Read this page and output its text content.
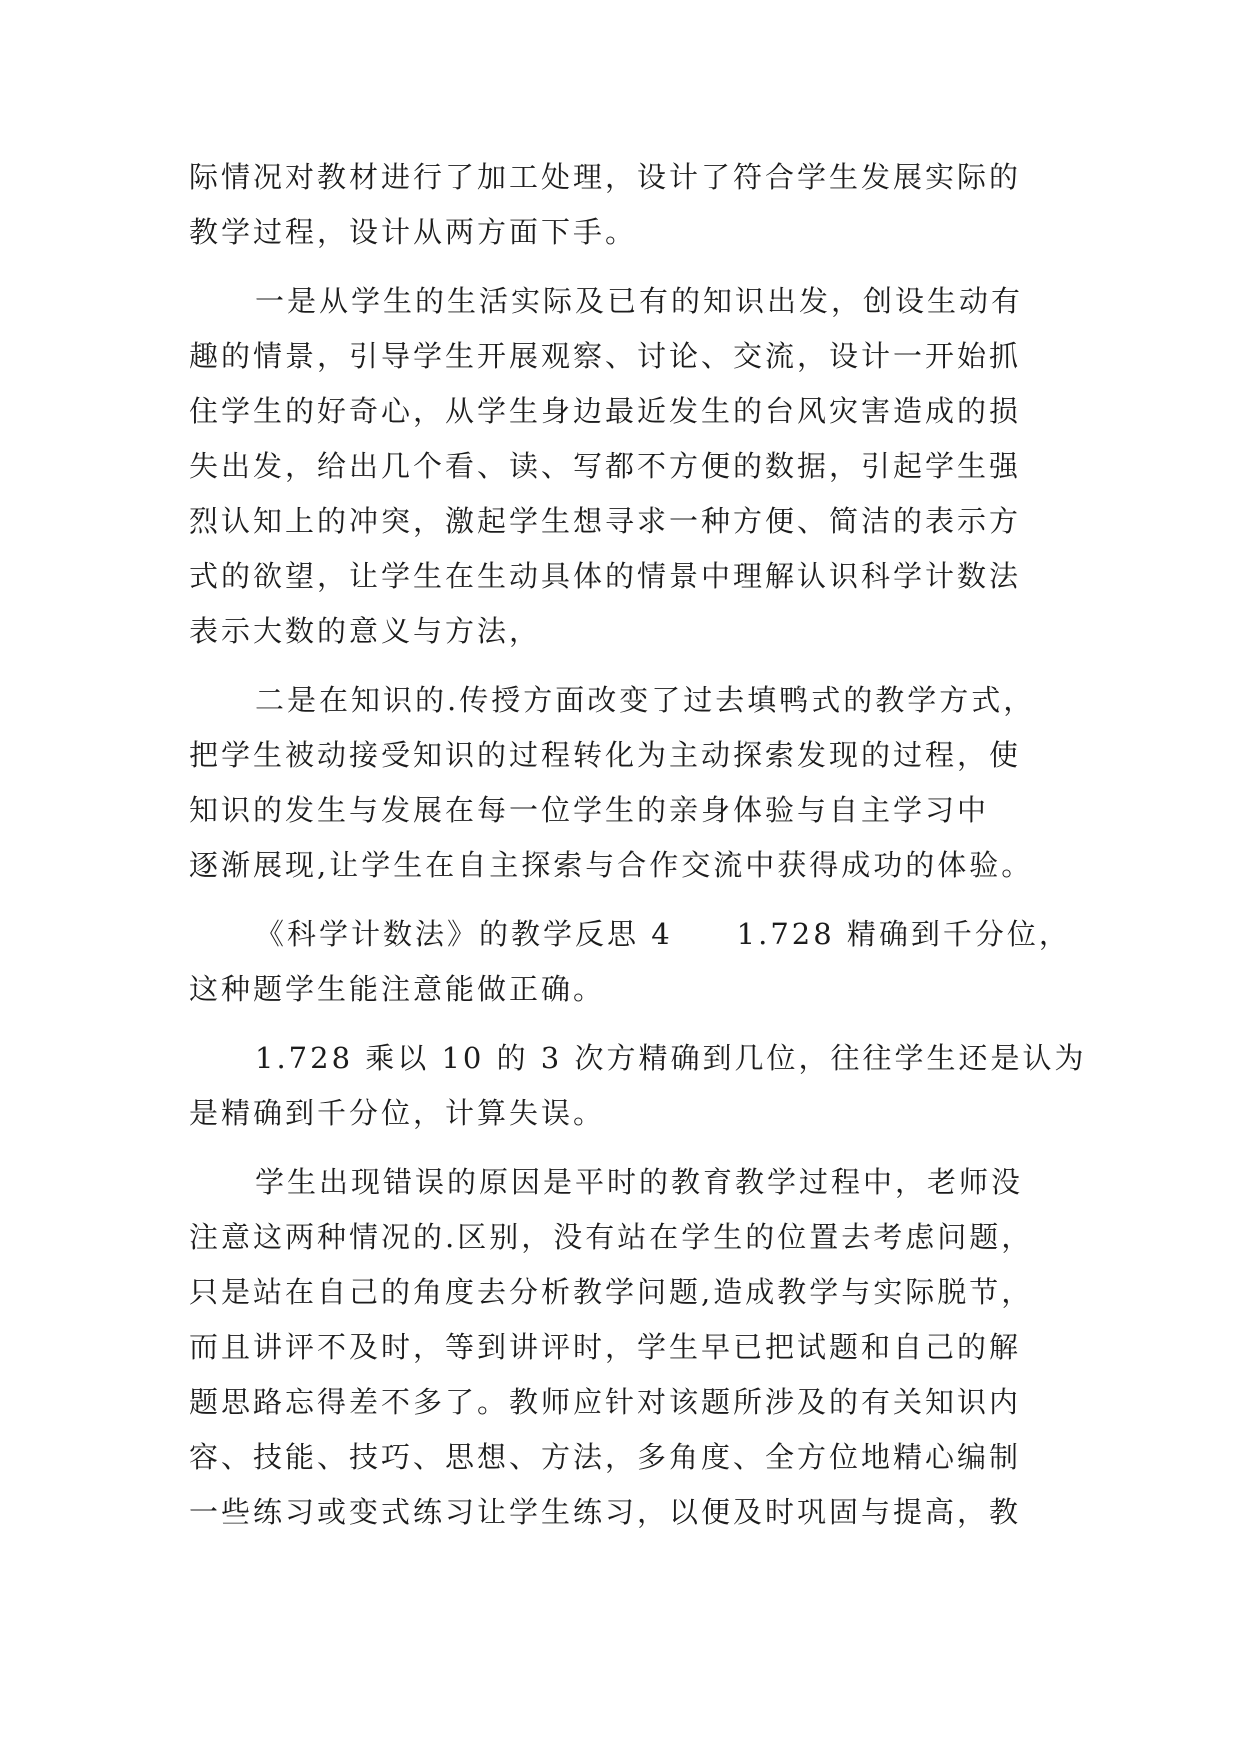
际情况对教材进行了加工处理，设计了符合学生发展实际的
教学过程，设计从两方面下手。
一是从学生的生活实际及已有的知识出发，创设生动有
趣的情景，引导学生开展观察、讨论、交流，设计一开始抓
住学生的好奇心，从学生身边最近发生的台风灾害造成的损
失出发，给出几个看、读、写都不方便的数据，引起学生强
烈认知上的冲突，激起学生想寻求一种方便、简洁的表示方
式的欲望，让学生在生动具体的情景中理解认识科学计数法
表示大数的意义与方法，
二是在知识的.传授方面改变了过去填鸭式的教学方式，
把学生被动接受知识的过程转化为主动探索发现的过程，使
知识的发生与发展在每一位学生的亲身体验与自主学习中
逐渐展现,让学生在自主探索与合作交流中获得成功的体验。
《科学计数法》的教学反思 4　　1.728 精确到千分位，
这种题学生能注意能做正确。
1.728 乘以 10 的 3 次方精确到几位，往往学生还是认为
是精确到千分位，计算失误。
学生出现错误的原因是平时的教育教学过程中，老师没
注意这两种情况的.区别，没有站在学生的位置去考虑问题，
只是站在自己的角度去分析教学问题,造成教学与实际脱节，
而且讲评不及时，等到讲评时，学生早已把试题和自己的解
题思路忘得差不多了。教师应针对该题所涉及的有关知识内
容、技能、技巧、思想、方法，多角度、全方位地精心编制
一些练习或变式练习让学生练习，以便及时巩固与提高，教
